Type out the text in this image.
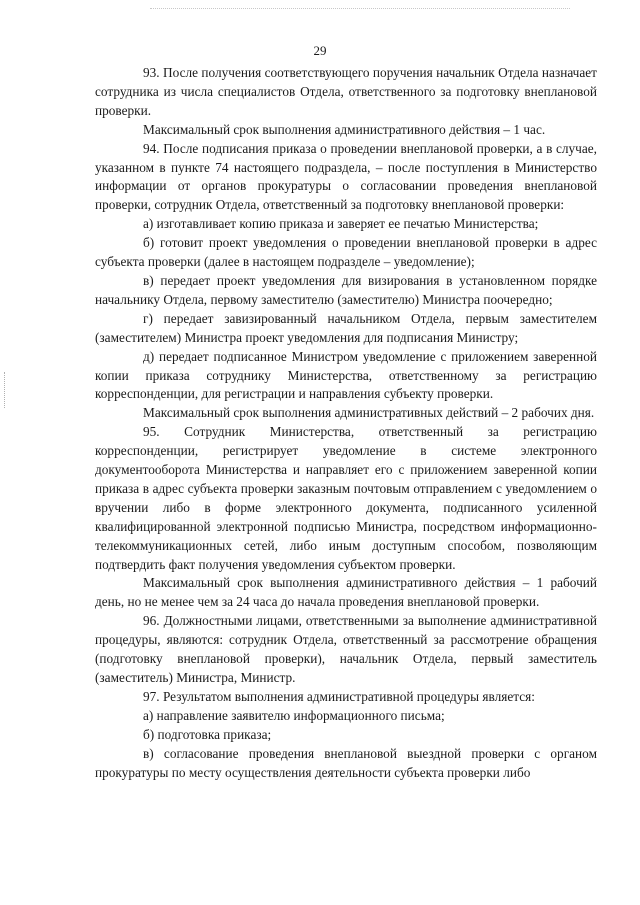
29

93. После получения соответствующего поручения начальник Отдела назначает сотрудника из числа специалистов Отдела, ответственного за подготовку внеплановой проверки.

Максимальный срок выполнения административного действия – 1 час.

94. После подписания приказа о проведении внеплановой проверки, а в случае, указанном в пункте 74 настоящего подраздела, – после поступления в Министерство информации от органов прокуратуры о согласовании проведения внеплановой проверки, сотрудник Отдела, ответственный за подготовку внеплановой проверки:

а) изготавливает копию приказа и заверяет ее печатью Министерства;

б) готовит проект уведомления о проведении внеплановой проверки в адрес субъекта проверки (далее в настоящем подразделе – уведомление);

в) передает проект уведомления для визирования в установленном порядке начальнику Отдела, первому заместителю (заместителю) Министра поочередно;

г) передает завизированный начальником Отдела, первым заместителем (заместителем) Министра проект уведомления для подписания Министру;

д) передает подписанное Министром уведомление с приложением заверенной копии приказа сотруднику Министерства, ответственному за регистрацию корреспонденции, для регистрации и направления субъекту проверки.

Максимальный срок выполнения административных действий – 2 рабочих дня.

95. Сотрудник Министерства, ответственный за регистрацию корреспонденции, регистрирует уведомление в системе электронного документооборота Министерства и направляет его с приложением заверенной копии приказа в адрес субъекта проверки заказным почтовым отправлением с уведомлением о вручении либо в форме электронного документа, подписанного усиленной квалифицированной электронной подписью Министра, посредством информационно-телекоммуникационных сетей, либо иным доступным способом, позволяющим подтвердить факт получения уведомления субъектом проверки.

Максимальный срок выполнения административного действия – 1 рабочий день, но не менее чем за 24 часа до начала проведения внеплановой проверки.

96. Должностными лицами, ответственными за выполнение административной процедуры, являются: сотрудник Отдела, ответственный за рассмотрение обращения (подготовку внеплановой проверки), начальник Отдела, первый заместитель (заместитель) Министра, Министр.

97. Результатом выполнения административной процедуры является:

а) направление заявителю информационного письма;

б) подготовка приказа;

в) согласование проведения внеплановой выездной проверки с органом прокуратуры по месту осуществления деятельности субъекта проверки либо
